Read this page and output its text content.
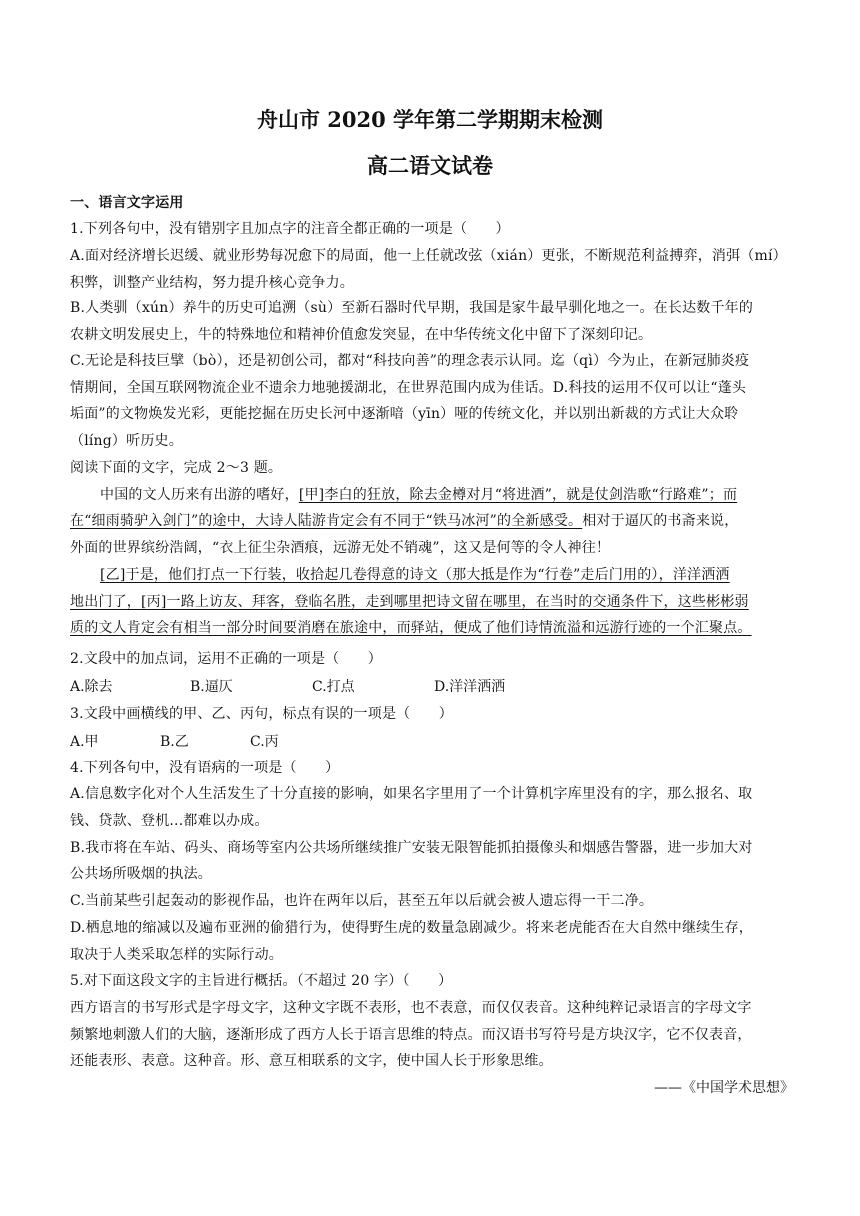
舟山市 2020 学年第二学期期末检测
高二语文试卷
一、语言文字运用
1.下列各句中，没有错别字且加点字的注音全都正确的一项是（　　）
A.面对经济增长迟缓、就业形势每况愈下的局面，他一上任就改弦（xián）更张，不断规范利益搏弈，消弭（mí）
积弊，训整产业结构，努力提升核心竞争力。
B.人类驯（xún）养牛的历史可追溯（sù）至新石器时代早期，我国是家牛最早驯化地之一。在长达数千年的
农耕文明发展史上，牛的特殊地位和精神价值愈发突显，在中华传统文化中留下了深刻印记。
C.无论是科技巨擘（bò），还是初创公司，都对“科技向善”的理念表示认同。迄（qì）今为止，在新冠肺炎疫
情期间，全国互联网物流企业不遗余力地驰援湖北，在世界范围内成为佳话。D.科技的运用不仅可以让“蓬头
垢面”的文物焕发光彩，更能挖掘在历史长河中逐渐喑（yīn）哑的传统文化，并以别出新裁的方式让大众聆
（líng）听历史。
阅读下面的文字，完成 2～3 题。
中国的文人历来有出游的嗜好，[甲]李白的狂放，除去金樽对月“将进酒”，就是仗剑浩歌“行路难”；而
在“细雨骑驴入剑门”的途中，大诗人陆游肯定会有不同于“铁马冰河”的全新感受。相对于逼仄的书斋来说，
外面的世界缤纷浩阔，“衣上征尘杂酒痕，远游无处不销魂”，这又是何等的令人神往！
[乙]于是，他们打点一下行装，收拾起几卷得意的诗文（那大抵是作为“行卷”走后门用的），洋洋洒洒
地出门了，[丙]一路上访友、拜客，登临名胜，走到哪里把诗文留在哪里，在当时的交通条件下，这些彬彬弱
质的文人肯定会有相当一部分时间要消磨在旅途中，而驿站，便成了他们诗情流溢和远游行迹的一个汇聚点。
2.文段中的加点词，运用不正确的一项是（　　）
A.除去	B.逼仄	C.打点	D.洋洋洒洒
3.文段中画横线的甲、乙、丙句，标点有误的一项是（　　）
A.甲	B.乙	C.丙
4.下列各句中，没有语病的一项是（　　）
A.信息数字化对个人生活发生了十分直接的影响，如果名字里用了一个计算机字库里没有的字，那么报名、取
钱、贷款、登机...都难以办成。
B.我市将在车站、码头、商场等室内公共场所继续推广安装无限智能抓拍摄像头和烟感告警器，进一步加大对
公共场所吸烟的执法。
C.当前某些引起轰动的影视作品，也许在两年以后，甚至五年以后就会被人遗忘得一干二净。
D.栖息地的缩减以及遍布亚洲的偷猎行为，使得野生虎的数量急剧减少。将来老虎能否在大自然中继续生存，
取决于人类采取怎样的实际行动。
5.对下面这段文字的主旨进行概括。（不超过 20 字）（　　）
西方语言的书写形式是字母文字，这种文字既不表形，也不表意，而仅仅表音。这种纯粹记录语言的字母文字
频繁地刺激人们的大脑，逐渐形成了西方人长于语言思维的特点。而汉语书写符号是方块汉字，它不仅表音，
还能表形、表意。这种音。形、意互相联系的文字，使中国人长于形象思维。
——《中国学术思想》
